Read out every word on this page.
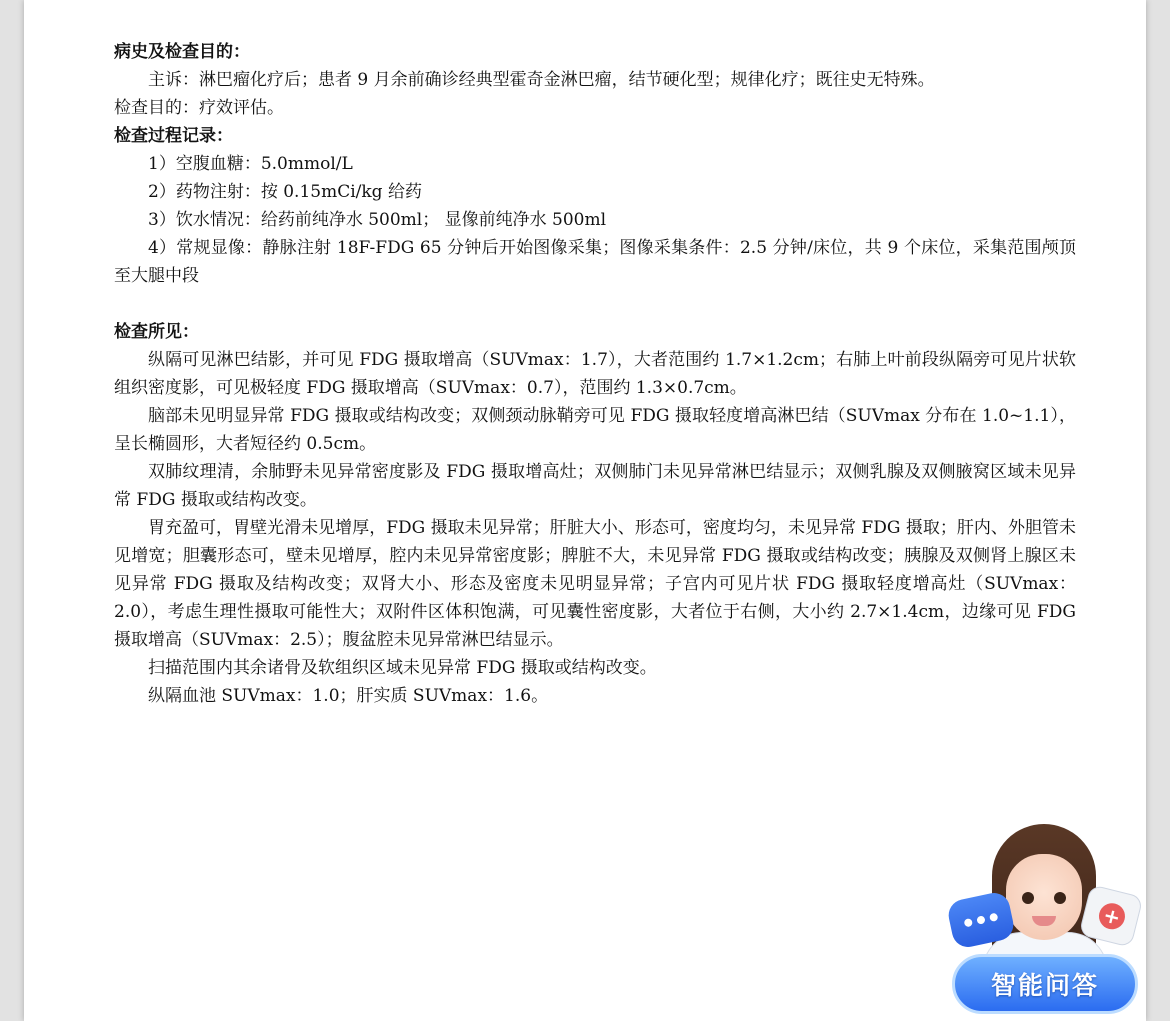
病史及检查目的：

主诉：淋巴瘤化疗后；患者 9 月余前确诊经典型霍奇金淋巴瘤，结节硬化型；规律化疗；既往史无特殊。

检查目的：疗效评估。

检查过程记录：

1）空腹血糖：5.0mmol/L

2）药物注射：按 0.15mCi/kg 给药

3）饮水情况：给药前纯净水 500ml； 显像前纯净水 500ml

4）常规显像：静脉注射 18F-FDG 65 分钟后开始图像采集；图像采集条件：2.5 分钟/床位，共 9 个床位，采集范围颅顶至大腿中段

检查所见：

纵隔可见淋巴结影，并可见 FDG 摄取增高（SUVmax：1.7），大者范围约 1.7×1.2cm；右肺上叶前段纵隔旁可见片状软组织密度影，可见极轻度 FDG 摄取增高（SUVmax：0.7），范围约 1.3×0.7cm。

脑部未见明显异常 FDG 摄取或结构改变；双侧颈动脉鞘旁可见 FDG 摄取轻度增高淋巴结（SUVmax 分布在 1.0~1.1），呈长椭圆形，大者短径约 0.5cm。

双肺纹理清，余肺野未见异常密度影及 FDG 摄取增高灶；双侧肺门未见异常淋巴结显示；双侧乳腺及双侧腋窝区域未见异常 FDG 摄取或结构改变。

胃充盈可，胃壁光滑未见增厚，FDG 摄取未见异常；肝脏大小、形态可，密度均匀，未见异常 FDG 摄取；肝内、外胆管未见增宽；胆囊形态可，壁未见增厚，腔内未见异常密度影；脾脏不大，未见异常 FDG 摄取或结构改变；胰腺及双侧肾上腺区未见异常 FDG 摄取及结构改变；双肾大小、形态及密度未见明显异常；子宫内可见片状 FDG 摄取轻度增高灶（SUVmax：2.0），考虑生理性摄取可能性大；双附件区体积饱满，可见囊性密度影，大者位于右侧，大小约 2.7×1.4cm，边缘可见 FDG 摄取增高（SUVmax：2.5）；腹盆腔未见异常淋巴结显示。

扫描范围内其余诸骨及软组织区域未见异常 FDG 摄取或结构改变。

纵隔血池 SUVmax：1.0；肝实质 SUVmax：1.6。

+
智能问答
